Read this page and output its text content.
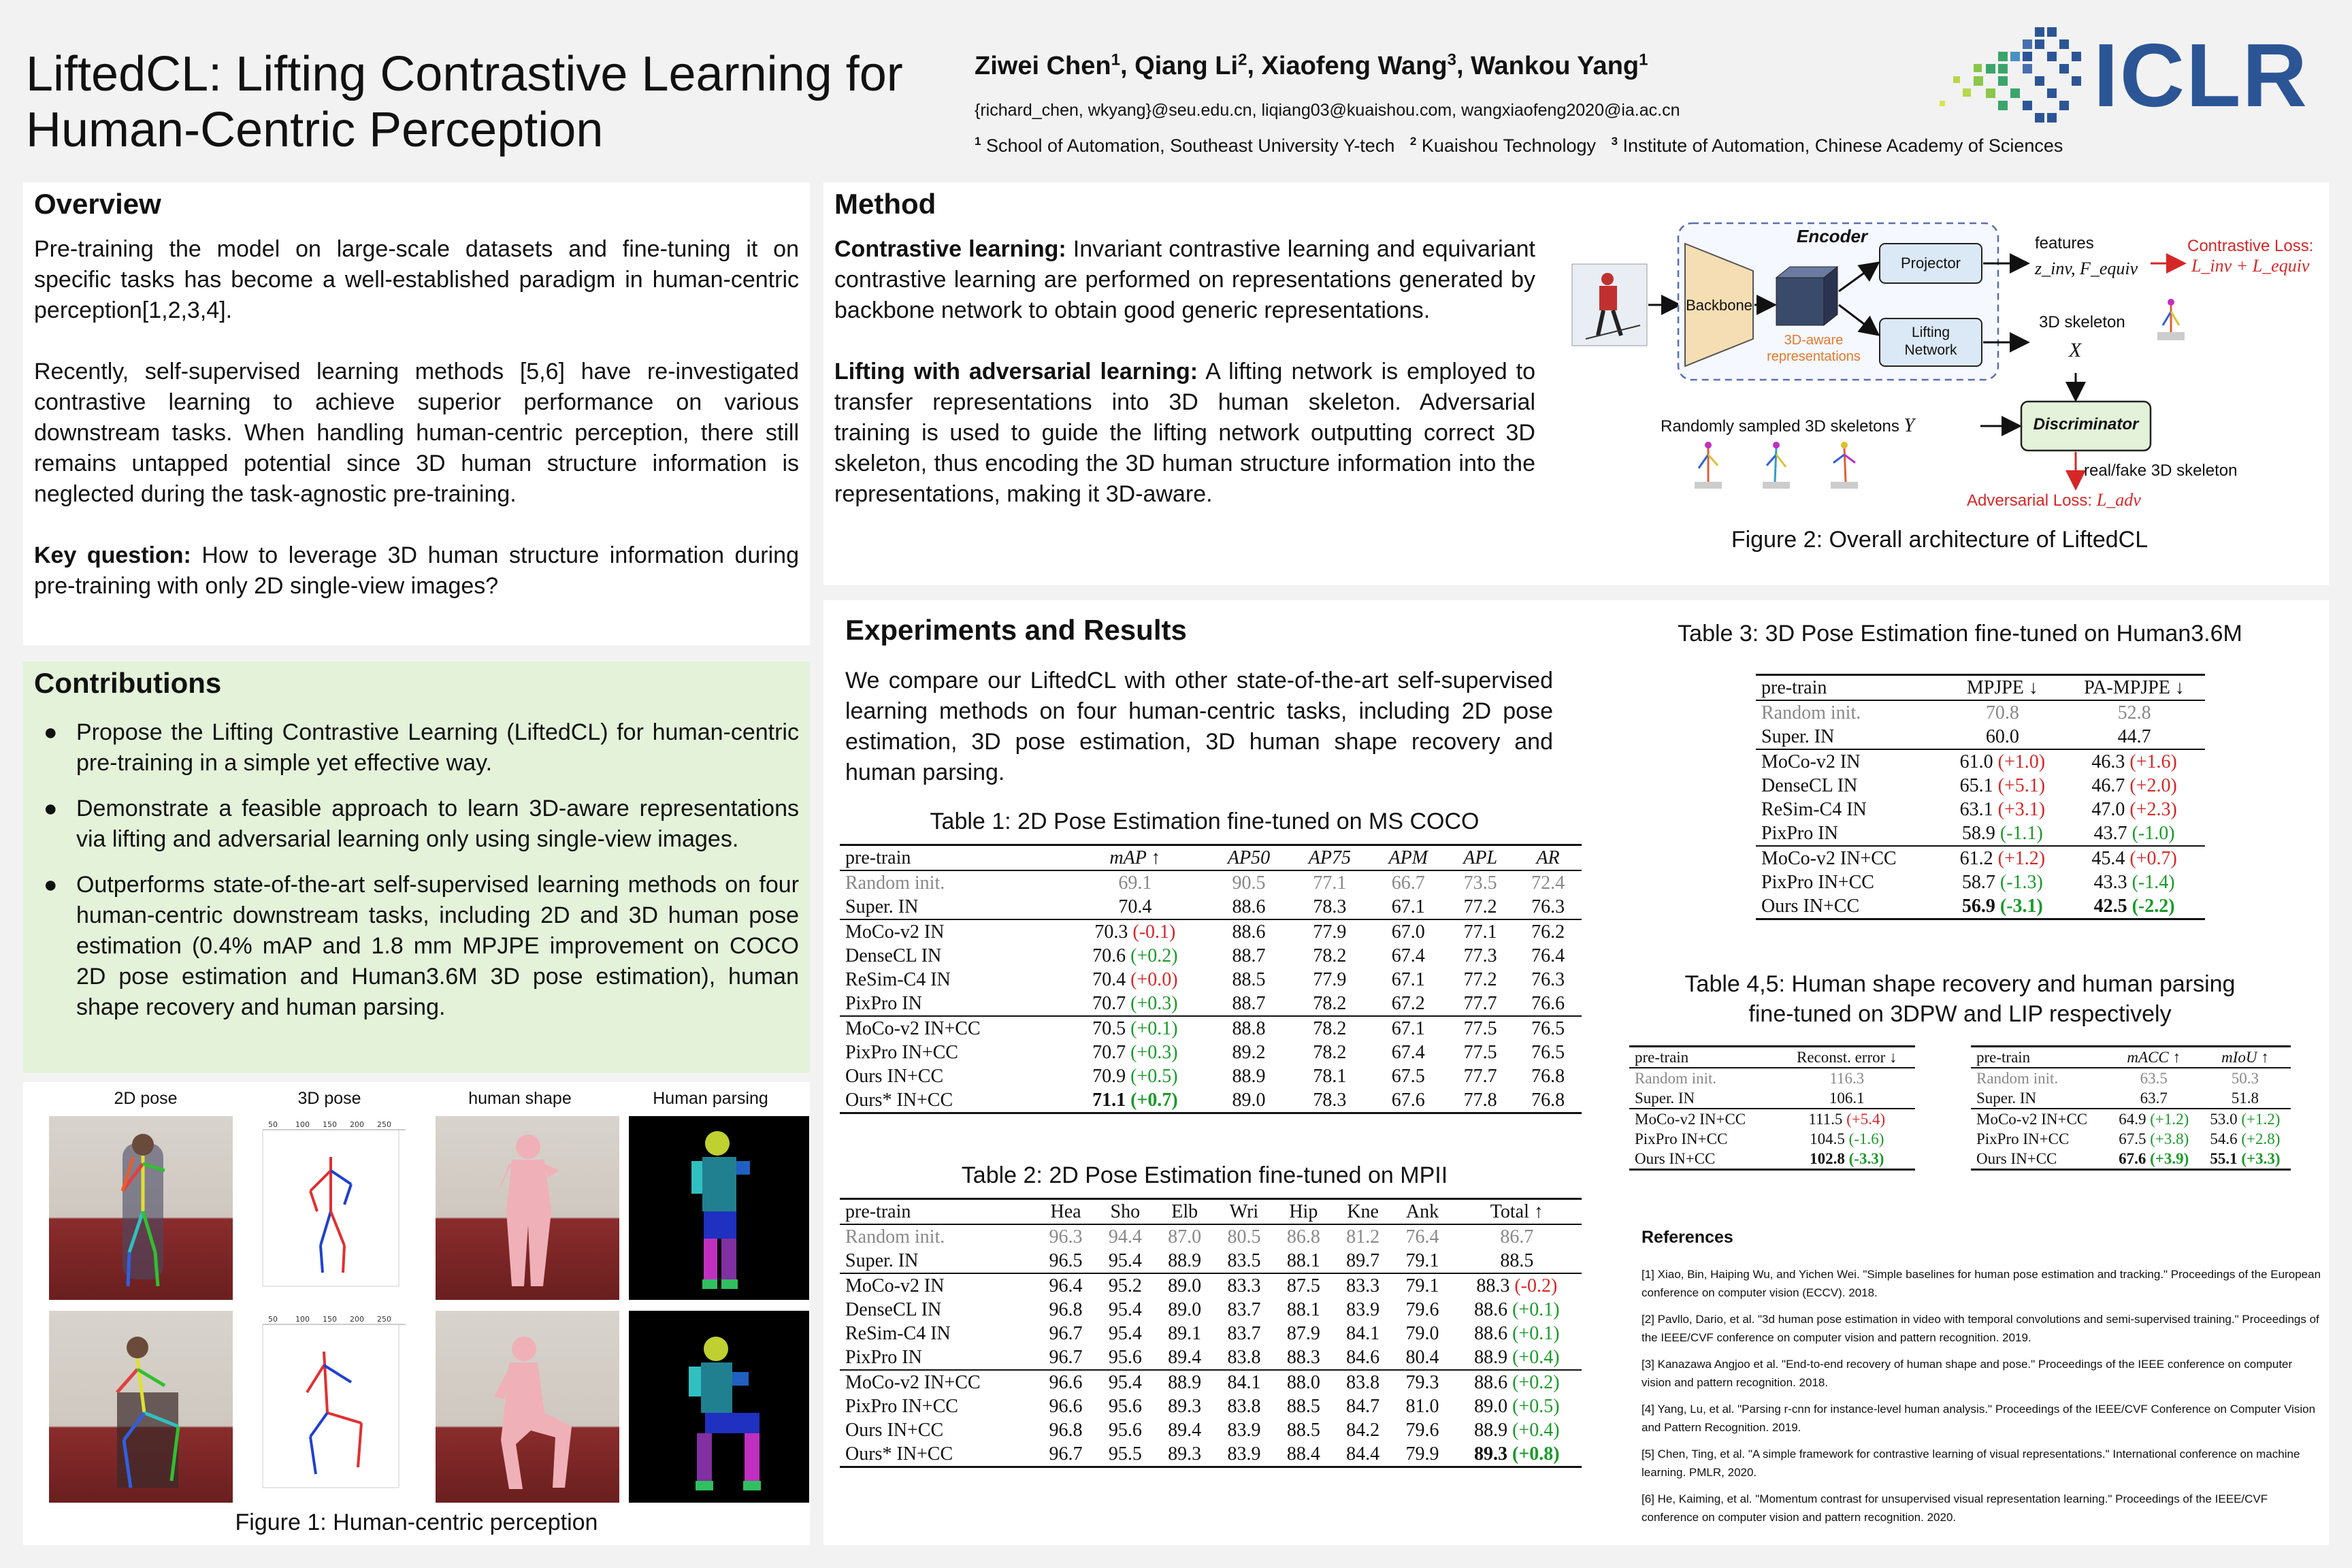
LiftedCL: Lifting Contrastive Learning for
Human-Centric Perception
Ziwei Chen$^1$, Qiang Li$^2$, Xiaofeng Wang$^3$, Wankou Yang$^1$
{richard_chen, wkyang}@seu.edu.cn, liqiang03@kuaishou.com, wangxiaofeng2020@ia.ac.cn
$^1$ School of Automation, Southeast University Y-tech $^2$ Kuaishou Technology $^3$ Institute of Automation, Chinese Academy of Sciences
ICLR
Overview

Pre-training the model on large-scale datasets and fine-tuning it on specific tasks has become a well-established paradigm in human-centric perception[1,2,3,4].

Recently, self-supervised learning methods [5,6] have re-investigated contrastive learning to achieve superior performance on various downstream tasks. When handling human-centric perception, there still remains untapped potential since 3D human structure information is neglected during the task-agnostic pre-training.

Key question: How to leverage 3D human structure information during pre-training with only 2D single-view images?

Contributions
● Propose the Lifting Contrastive Learning (LiftedCL) for human-centric pre-training in a simple yet effective way.
● Demonstrate a feasible approach to learn 3D-aware representations via lifting and adversarial learning only using single-view images.
● Outperforms state-of-the-art self-supervised learning methods on four human-centric downstream tasks, including 2D and 3D human pose estimation (0.4% mAP and 1.8 mm MPJPE improvement on COCO 2D pose estimation and Human3.6M 3D pose estimation), human shape recovery and human parsing.
2D pose	3D pose	human shape	Human parsing
50 100 150 200 250
50 100 150 200 250
Figure 1: Human-centric perception
Method

Contrastive learning: Invariant contrastive learning and equivariant contrastive learning are performed on representations generated by backbone network to obtain good generic representations.

Lifting with adversarial learning: A lifting network is employed to transfer representations into 3D human skeleton. Adversarial training is used to guide the lifting network outputting correct 3D skeleton, thus encoding the 3D human structure information into the representations, making it 3D-aware.

Encoder
Backbone
3D-aware
representations
Projector
Lifting
Network
features
z_inv, F_equiv
Contrastive Loss:
L_inv + L_equiv
3D skeleton
X
Discriminator
Randomly sampled 3D skeletons Y
real/fake 3D skeleton
Adversarial Loss: L_adv
Figure 2: Overall architecture of LiftedCL
Experiments and Results

We compare our LiftedCL with other state-of-the-art self-supervised learning methods on four human-centric tasks, including 2D pose estimation, 3D pose estimation, 3D human shape recovery and human parsing.

Table 1: 2D Pose Estimation fine-tuned on MS COCO
pre-train	mAP ↑	AP50	AP75	APM	APL	AR
Random init.	69.1	90.5	77.1	66.7	73.5	72.4
Super. IN	70.4	88.6	78.3	67.1	77.2	76.3
MoCo-v2 IN	70.3 (-0.1)	88.6	77.9	67.0	77.1	76.2
DenseCL IN	70.6 (+0.2)	88.7	78.2	67.4	77.3	76.4
ReSim-C4 IN	70.4 (+0.0)	88.5	77.9	67.1	77.2	76.3
PixPro IN	70.7 (+0.3)	88.7	78.2	67.2	77.7	76.6
MoCo-v2 IN+CC	70.5 (+0.1)	88.8	78.2	67.1	77.5	76.5
PixPro IN+CC	70.7 (+0.3)	89.2	78.2	67.4	77.5	76.5
Ours IN+CC	70.9 (+0.5)	88.9	78.1	67.5	77.7	76.8
Ours* IN+CC	71.1 (+0.7)	89.0	78.3	67.6	77.8	76.8
Table 2: 2D Pose Estimation fine-tuned on MPII
pre-train	Hea	Sho	Elb	Wri	Hip	Kne	Ank	Total ↑
Random init.	96.3	94.4	87.0	80.5	86.8	81.2	76.4	86.7
Super. IN	96.5	95.4	88.9	83.5	88.1	89.7	79.1	88.5
MoCo-v2 IN	96.4	95.2	89.0	83.3	87.5	83.3	79.1	88.3 (-0.2)
DenseCL IN	96.8	95.4	89.0	83.7	88.1	83.9	79.6	88.6 (+0.1)
ReSim-C4 IN	96.7	95.4	89.1	83.7	87.9	84.1	79.0	88.6 (+0.1)
PixPro IN	96.7	95.6	89.4	83.8	88.3	84.6	80.4	88.9 (+0.4)
MoCo-v2 IN+CC	96.6	95.4	88.9	84.1	88.0	83.8	79.3	88.6 (+0.2)
PixPro IN+CC	96.6	95.6	89.3	83.8	88.5	84.7	81.0	89.0 (+0.5)
Ours IN+CC	96.8	95.6	89.4	83.9	88.5	84.2	79.6	88.9 (+0.4)
Ours* IN+CC	96.7	95.5	89.3	83.9	88.4	84.4	79.9	89.3 (+0.8)
Table 3: 3D Pose Estimation fine-tuned on Human3.6M
pre-train	MPJPE ↓	PA-MPJPE ↓
Random init.	70.8	52.8
Super. IN	60.0	44.7
MoCo-v2 IN	61.0 (+1.0)	46.3 (+1.6)
DenseCL IN	65.1 (+5.1)	46.7 (+2.0)
ReSim-C4 IN	63.1 (+3.1)	47.0 (+2.3)
PixPro IN	58.9 (-1.1)	43.7 (-1.0)
MoCo-v2 IN+CC	61.2 (+1.2)	45.4 (+0.7)
PixPro IN+CC	58.7 (-1.3)	43.3 (-1.4)
Ours IN+CC	56.9 (-3.1)	42.5 (-2.2)
Table 4,5: Human shape recovery and human parsing
fine-tuned on 3DPW and LIP respectively
pre-train	Reconst. error ↓
Random init.	116.3
Super. IN	106.1
MoCo-v2 IN+CC	111.5 (+5.4)
PixPro IN+CC	104.5 (-1.6)
Ours IN+CC	102.8 (-3.3)
pre-train	mACC ↑	mIoU ↑
Random init.	63.5	50.3
Super. IN	63.7	51.8
MoCo-v2 IN+CC	64.9 (+1.2)	53.0 (+1.2)
PixPro IN+CC	67.5 (+3.8)	54.6 (+2.8)
Ours IN+CC	67.6 (+3.9)	55.1 (+3.3)
References
[1] Xiao, Bin, Haiping Wu, and Yichen Wei. "Simple baselines for human pose estimation and tracking." Proceedings of the European conference on computer vision (ECCV). 2018.
[2] Pavllo, Dario, et al. "3d human pose estimation in video with temporal convolutions and semi-supervised training." Proceedings of the IEEE/CVF conference on computer vision and pattern recognition. 2019.
[3] Kanazawa Angjoo et al. "End-to-end recovery of human shape and pose." Proceedings of the IEEE conference on computer vision and pattern recognition. 2018.
[4] Yang, Lu, et al. "Parsing r-cnn for instance-level human analysis." Proceedings of the IEEE/CVF Conference on Computer Vision and Pattern Recognition. 2019.
[5] Chen, Ting, et al. "A simple framework for contrastive learning of visual representations." International conference on machine learning. PMLR, 2020.
[6] He, Kaiming, et al. "Momentum contrast for unsupervised visual representation learning." Proceedings of the IEEE/CVF conference on computer vision and pattern recognition. 2020.
